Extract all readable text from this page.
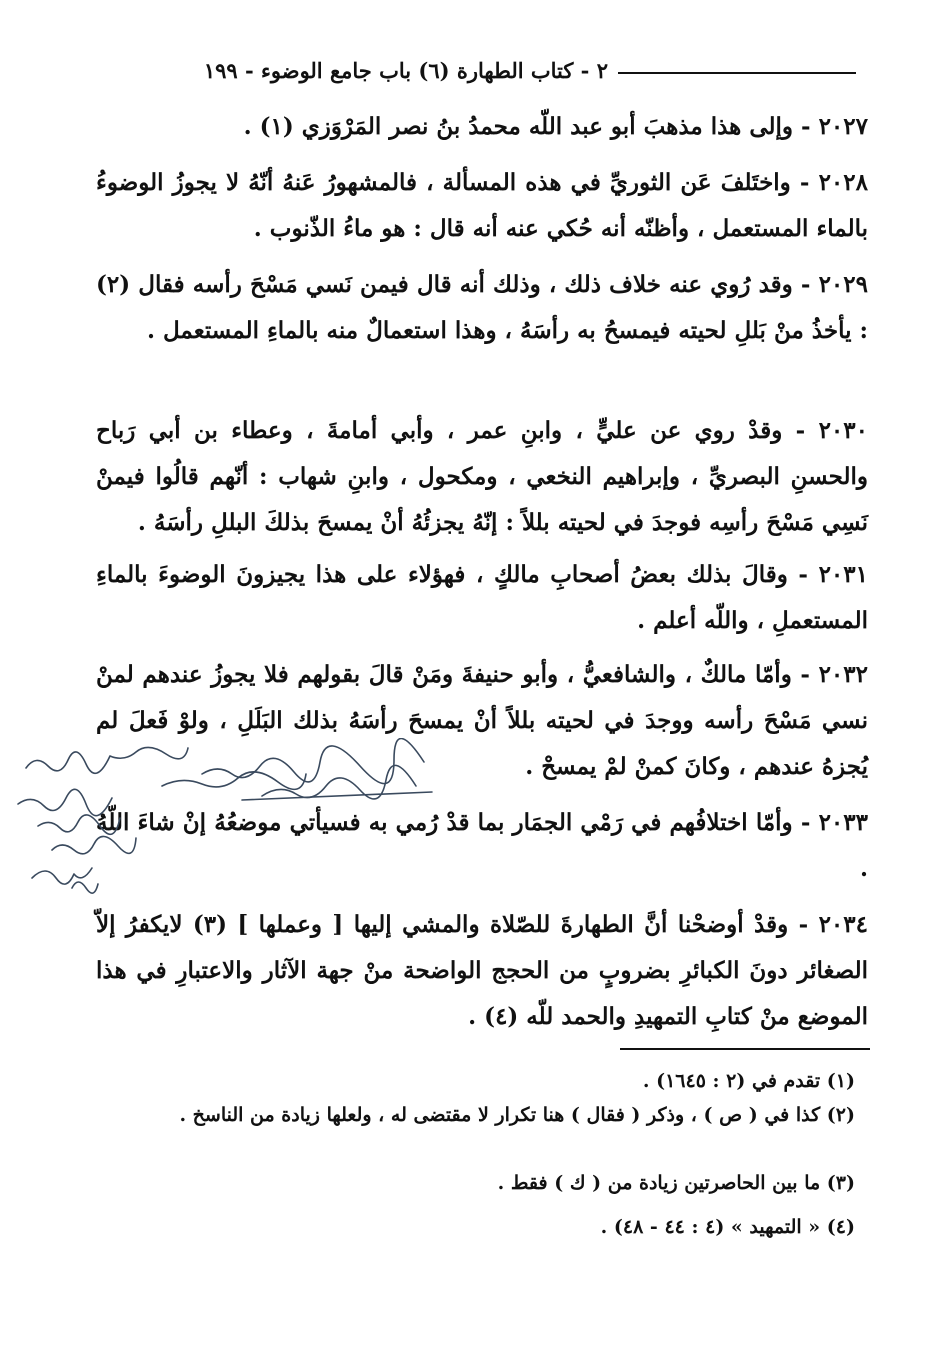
٢ - كتاب الطهارة (٦) باب جامع الوضوء - ١٩٩
٢٠٢٧ - وإلى هذا مذهبَ أبو عبد اللّه محمدُ بنُ نصر المَرْوَزي (١) .
٢٠٢٨ - واختَلفَ عَن الثوريِّ في هذه المسألة ، فالمشهورُ عَنهُ أنّهُ لا يجوزُ الوضوءُ بالماء المستعمل ، وأظنّه أنه حُكي عنه أنه قال : هو ماءُ الذّنوب .
٢٠٢٩ - وقد رُوي عنه خلاف ذلك ، وذلك أنه قال فيمن نَسي مَسْحَ رأسه فقال (٢) : يأخذُ منْ بَللِ لحيته فيمسحُ به رأسَهُ ، وهذا استعمالٌ منه بالماءِ المستعمل .
٢٠٣٠ - وقدْ روي عن عليٍّ ، وابنِ عمر ، وأبي أمامةَ ، وعطاء بن أبي رَباح والحسنِ البصريِّ ، وإبراهيم النخعي ، ومكحول ، وابنِ شهاب : أنّهم قالُوا فيمنْ نَسِي مَسْحَ رأسِه فوجدَ في لحيته بللاً : إنّهُ يجزئُهُ أنْ يمسحَ بذلكَ البللِ رأسَهُ .
٢٠٣١ - وقالَ بذلك بعضُ أصحابِ مالكٍ ، فهؤلاء على هذا يجيزونَ الوضوءَ بالماءِ المستعملِ ، واللّه أعلم .
٢٠٣٢ - وأمّا مالكٌ ، والشافعيُّ ، وأبو حنيفةَ ومَنْ قالَ بقولهم فلا يجوزُ عندهم لمنْ نسي مَسْحَ رأسه ووجدَ في لحيته بللاً أنْ يمسحَ رأسَهُ بذلك البَلَلِ ، ولوْ فَعلَ لم يُجزهُ عندهم ، وكانَ كمنْ لمْ يمسحْ .
٢٠٣٣ - وأمّا اختلافُهم في رَمْي الجمَار بما قدْ رُمي به فسيأتي موضعُهُ إنْ شاءَ اللّهُ .
٢٠٣٤ - وقدْ أوضحْنا أنَّ الطهارةَ للصّلاة والمشي إليها [ وعملها ] (٣) لايكفرُ إلاّ الصغائر دونَ الكبائرِ بضروبٍ من الحجج الواضحة منْ جهة الآثار والاعتبارِ في هذا الموضع منْ كتابِ التمهيدِ والحمد للّه (٤) .
(١) تقدم في (٢ : ١٦٤٥) .
(٢) كذا في ( ص ) ، وذكر ( فقال ) هنا تكرار لا مقتضى له ، ولعلها زيادة من الناسخ .
(٣) ما بين الحاصرتين زيادة من ( ك ) فقط .
(٤) « التمهيد » (٤ : ٤٤ - ٤٨) .
